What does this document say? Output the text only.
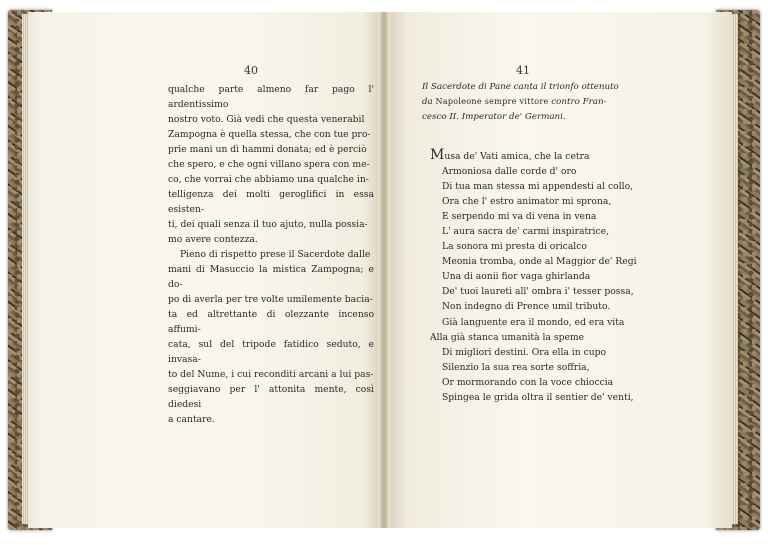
40	41

qualche parte almeno far pago l' ardentissimo
nostro voto. Già vedi che questa venerabil
Zampogna è quella stessa, che con tue pro-
prie mani un dì hammi donata; ed è perciò
che spero, e che ogni villano spera con me-
co, che vorrai che abbiamo una qualche in-
telligenza dei molti geroglifici in essa esisten-
ti, dei quali senza il tuo ajuto, nulla possia-
mo avere contezza.

Pieno di rispetto prese il Sacerdote dalle
mani di Masuccio la mistica Zampogna; e do-
po di averla per tre volte umilemente bacia-
ta ed altrettante di olezzante incenso affumi-
cata, sul del tripode fatidico seduto, e invasa-
to del Nume, i cui reconditi arcani a lui pas-
seggiavano per l' attonita mente, così diedesi
a cantare.

Il Sacerdote di Pane canta il trionfo ottenuto
da Napoleone sempre vittore contro Fran-
cesco II. Imperator de' Germani.
Musa de' Vati amica, che la cetra
Armoniosa dalle corde d' oro
Di tua man stessa mi appendesti al collo,
Ora che l' estro animator mi sprona,
E serpendo mi va di vena in vena
L' aura sacra de' carmi inspiratrice,
La sonora mi presta di oricalco
Meonia tromba, onde al Maggior de' Regi
Una di aonii fior vaga ghirlanda
De' tuoi laureti all' ombra i' tesser possa,
Non indegno di Prence umil tributo.
Già languente era il mondo, ed era vita
Alla già stanca umanità la speme
Di migliori destini. Ora ella in cupo
Silenzio la sua rea sorte soffria,
Or mormorando con la voce chioccia
Spingea le grida oltra il sentier de' venti,
